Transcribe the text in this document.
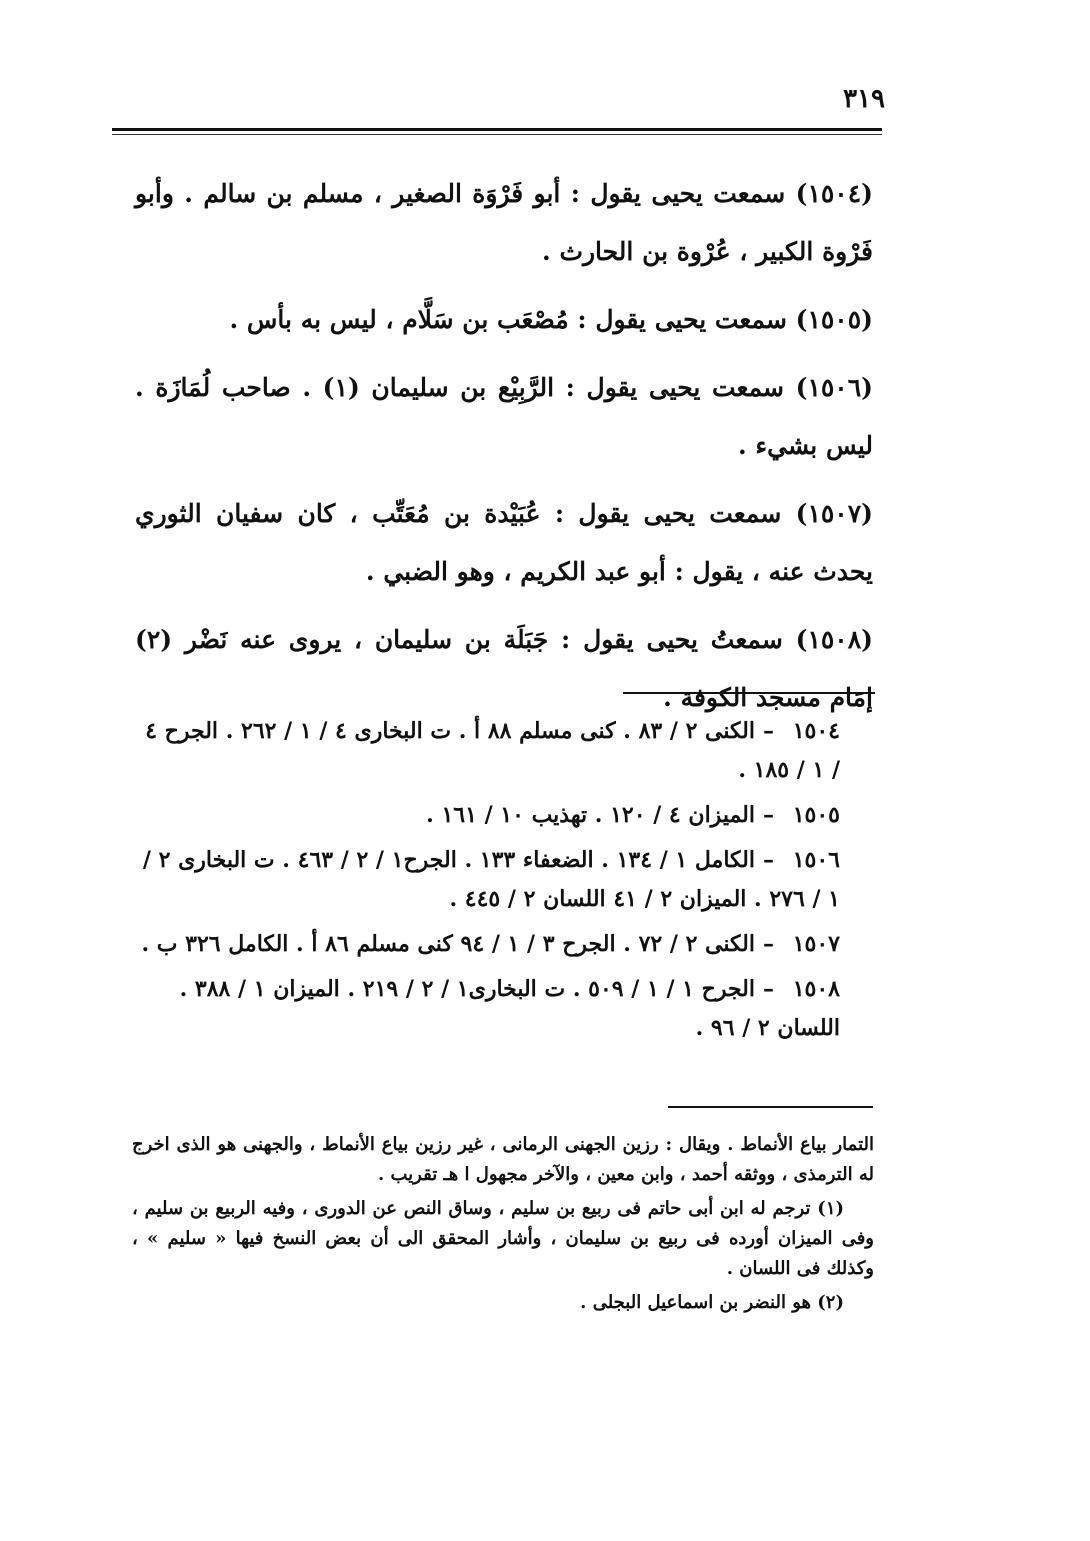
٣١٩

(١٥٠٤) سمعت يحيى يقول : أبو فَرْوَة الصغير ، مسلم بن سالم . وأبو فَرْوة الكبير ، عُرْوة بن الحارث .

(١٥٠٥) سمعت يحيى يقول : مُصْعَب بن سَلَّام ، ليس به بأس .

(١٥٠٦) سمعت يحيى يقول : الرَّبِيْع بن سليمان (١) . صاحب لُمَازَة . ليس بشيء .

(١٥٠٧) سمعت يحيى يقول : عُبَيْدة بن مُعَتِّب ، كان سفيان الثوري يحدث عنه ، يقول : أبو عبد الكريم ، وهو الضبي .

(١٥٠٨) سمعتُ يحيى يقول : جَبَلَة بن سليمان ، يروى عنه نَضْر (٢) إمَام مسجد الكوفة .

١٥٠٤–الكنى ٢ / ٨٣ . كنى مسلم ٨٨ أ . ت البخارى ٤ / ١ / ٢٦٢ . الجرح ٤ / ١ / ١٨٥ .

١٥٠٥–الميزان ٤ / ١٢٠ . تهذيب ١٠ / ١٦١ .

١٥٠٦–الكامل ١ / ١٣٤ . الضعفاء ١٣٣ . الجرح١ / ٢ / ٤٦٣ . ت البخارى ٢ / ١ / ٢٧٦ . الميزان ٢ / ٤١ اللسان ٢ / ٤٤٥ .

١٥٠٧–الكنى ٢ / ٧٢ . الجرح ٣ / ١ / ٩٤ كنى مسلم ٨٦ أ . الكامل ٣٢٦ ب .

١٥٠٨–الجرح ١ / ١ / ٥٠٩ . ت البخارى١ / ٢ / ٢١٩ . الميزان ١ / ٣٨٨ . اللسان ٢ / ٩٦ .

التمار بياع الأنماط . ويقال : رزين الجهنى الرمانى ، غير رزين بياع الأنماط ، والجهنى هو الذى اخرج له الترمذى ، ووثقه أحمد ، وابن معين ، والآخر مجهول ا هـ تقريب .

(١) ترجم له ابن أبى حاتم فى ربيع بن سليم ، وساق النص عن الدورى ، وفيه الربيع بن سليم ، وفى الميزان أورده فى ربيع بن سليمان ، وأشار المحقق الى أن بعض النسخ فيها « سليم » ، وكذلك فى اللسان .

(٢) هو النضر بن اسماعيل البجلى .
